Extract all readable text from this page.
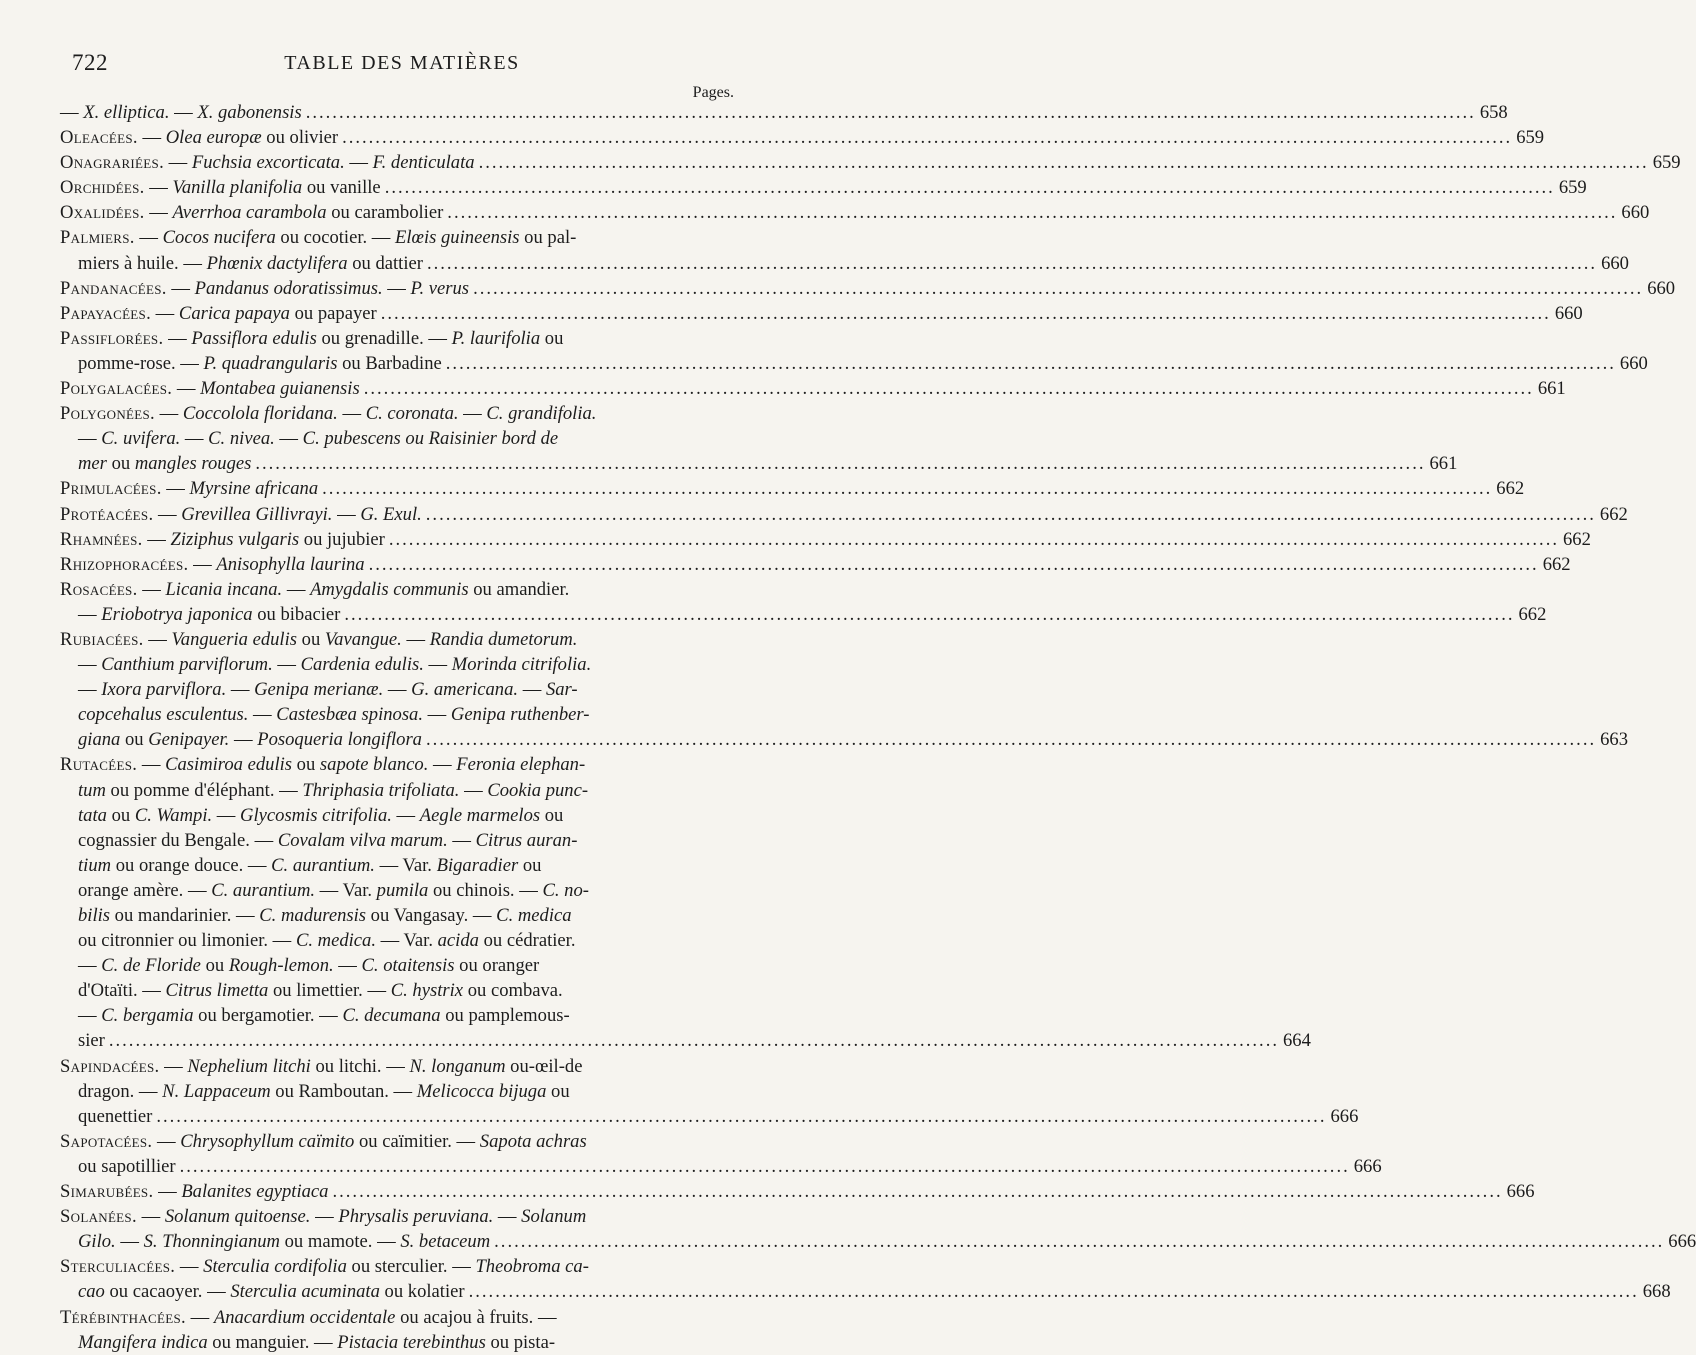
722	TABLE DES MATIÈRES
Pages.
— X. elliptica. — X. gabonensis .....	658
Oleacées. — Olea europæ ou olivier .....	659
Onagrariées. — Fuchsia excorticata. — F. denticulata .....	659
Orchidées. — Vanilla planifolia ou vanille .....	659
Oxalidées. — Averrhoa carambola ou carambolier .....	660
Palmiers. — Cocos nucifera ou cocotier. — Elœis guineensis ou pal-
miers à huile. — Phœnix dactylifera ou dattier .....	660
Pandanacées. — Pandanus odoratissimus. — P. verus .....	660
Papayacées. — Carica papaya ou papayer .....	660
Passiflorées. — Passiflora edulis ou grenadille. — P. laurifolia ou
pomme-rose. — P. quadrangularis ou Barbadine .....	660
Polygalacées. — Montabea guianensis .....	661
Polygonées. — Coccolola floridana. — C. coronata. — C. grandifolia.
— C. uvifera. — C. nivea. — C. pubescens ou Raisinier bord de
mer ou mangles rouges .....	661
Primulacées. — Myrsine africana .....	662
Protéacées. — Grevillea Gillivrayi. — G. Exul. .....	662
Rhamnées. — Ziziphus vulgaris ou jujubier .....	662
Rhizophoracées. — Anisophylla laurina .....	662
Rosacées. — Licania incana. — Amygdalis communis ou amandier.
— Eriobotrya japonica ou bibacier .....	662
Rubiacées. — Vangueria edulis ou Vavangue. — Randia dumetorum.
— Canthium parviflorum. — Cardenia edulis. — Morinda citrifolia.
— Ixora parviflora. — Genipa merianæ. — G. americana. — Sar-
copcehalus esculentus. — Castesbæa spinosa. — Genipa ruthenber-
giana ou Genipayer. — Posoqueria longiflora .....	663
Rutacées. — Casimiroa edulis ou sapote blanco. — Feronia elephan-
tum ou pomme d'éléphant. — Thriphasia trifoliata. — Cookia punc-
tata ou C. Wampi. — Glycosmis citrifolia. — Aegle marmelos ou
cognassier du Bengale. — Covalam vilva marum. — Citrus auran-
tium ou orange douce. — C. aurantium. — Var. Bigaradier ou
orange amère. — C. aurantium. — Var. pumila ou chinois. — C. no-
bilis ou mandarinier. — C. madurensis ou Vangasay. — C. medica
ou citronnier ou limonier. — C. medica. — Var. acida ou cédratier.
— C. de Floride ou Rough-lemon. — C. otaitensis ou oranger
d'Otaïti. — Citrus limetta ou limettier. — C. hystrix ou combava.
— C. bergamia ou bergamotier. — C. decumana ou pamplemous-
sier .....	664
Sapindacées. — Nephelium litchi ou litchi. — N. longanum ou-œil-de
dragon. — N. Lappaceum ou Ramboutan. — Melicocca bijuga ou
quenettier .....	666
Sapotacées. — Chrysophyllum caïmito ou caïmitier. — Sapota achras
ou sapotillier .....	666
Simarubées. — Balanites egyptiaca .....	666
Solanées. — Solanum quitoense. — Phrysalis peruviana. — Solanum
Gilo. — S. Thonningianum ou mamote. — S. betaceum .....	666
Sterculiacées. — Sterculia cordifolia ou sterculier. — Theobroma ca-
cao ou cacaoyer. — Sterculia acuminata ou kolatier .....	668
Térébinthacées. — Anacardium occidentale ou acajou à fruits. —
Mangifera indica ou manguier. — Pistacia terebinthus ou pista-
